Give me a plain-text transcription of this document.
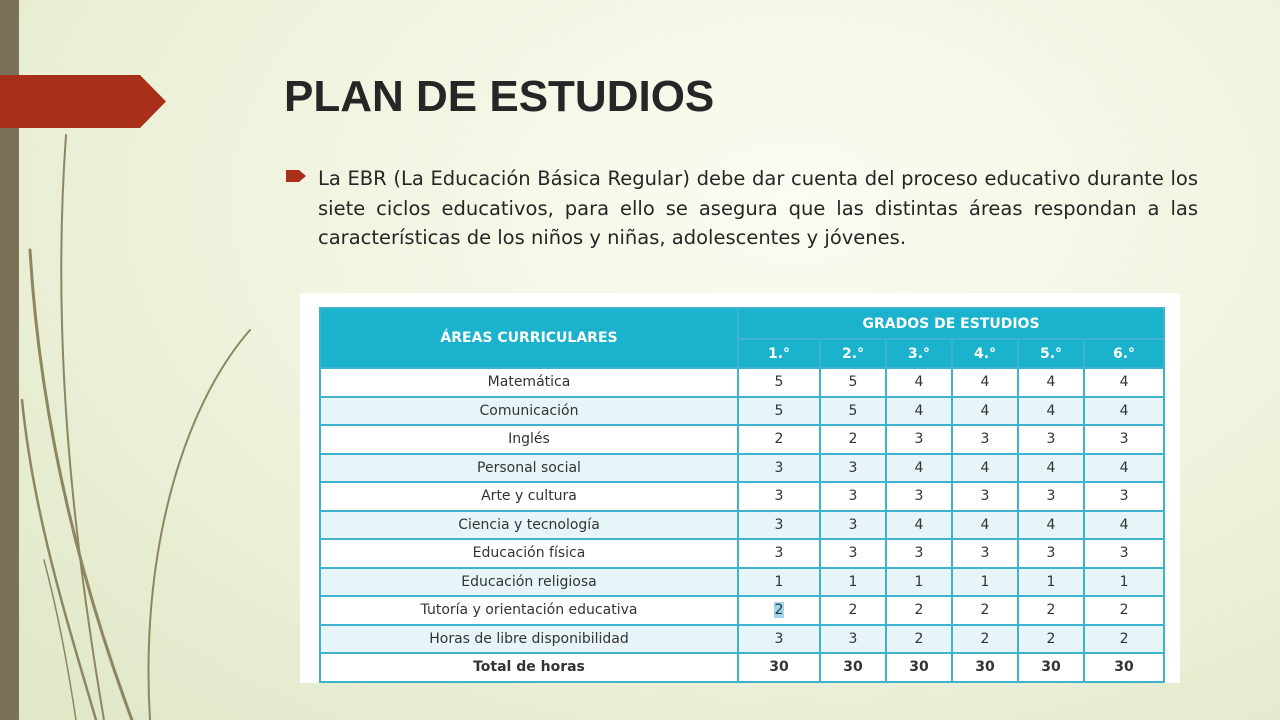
PLAN DE ESTUDIOS

La EBR (La Educación Básica Regular) debe dar cuenta del proceso educativo durante los siete ciclos educativos, para ello se asegura que las distintas áreas respondan a las características de los niños y niñas, adolescentes y jóvenes.

ÁREAS CURRICULARES	GRADOS DE ESTUDIOS					
	1.°	2.°	3.°	4.°	5.°	6.°
Matemática	5	5	4	4	4	4
Comunicación	5	5	4	4	4	4
Inglés	2	2	3	3	3	3
Personal social	3	3	4	4	4	4
Arte y cultura	3	3	3	3	3	3
Ciencia y tecnología	3	3	4	4	4	4
Educación física	3	3	3	3	3	3
Educación religiosa	1	1	1	1	1	1
Tutoría y orientación educativa	2	2	2	2	2	2
Horas de libre disponibilidad	3	3	2	2	2	2
Total de horas	30	30	30	30	30	30
